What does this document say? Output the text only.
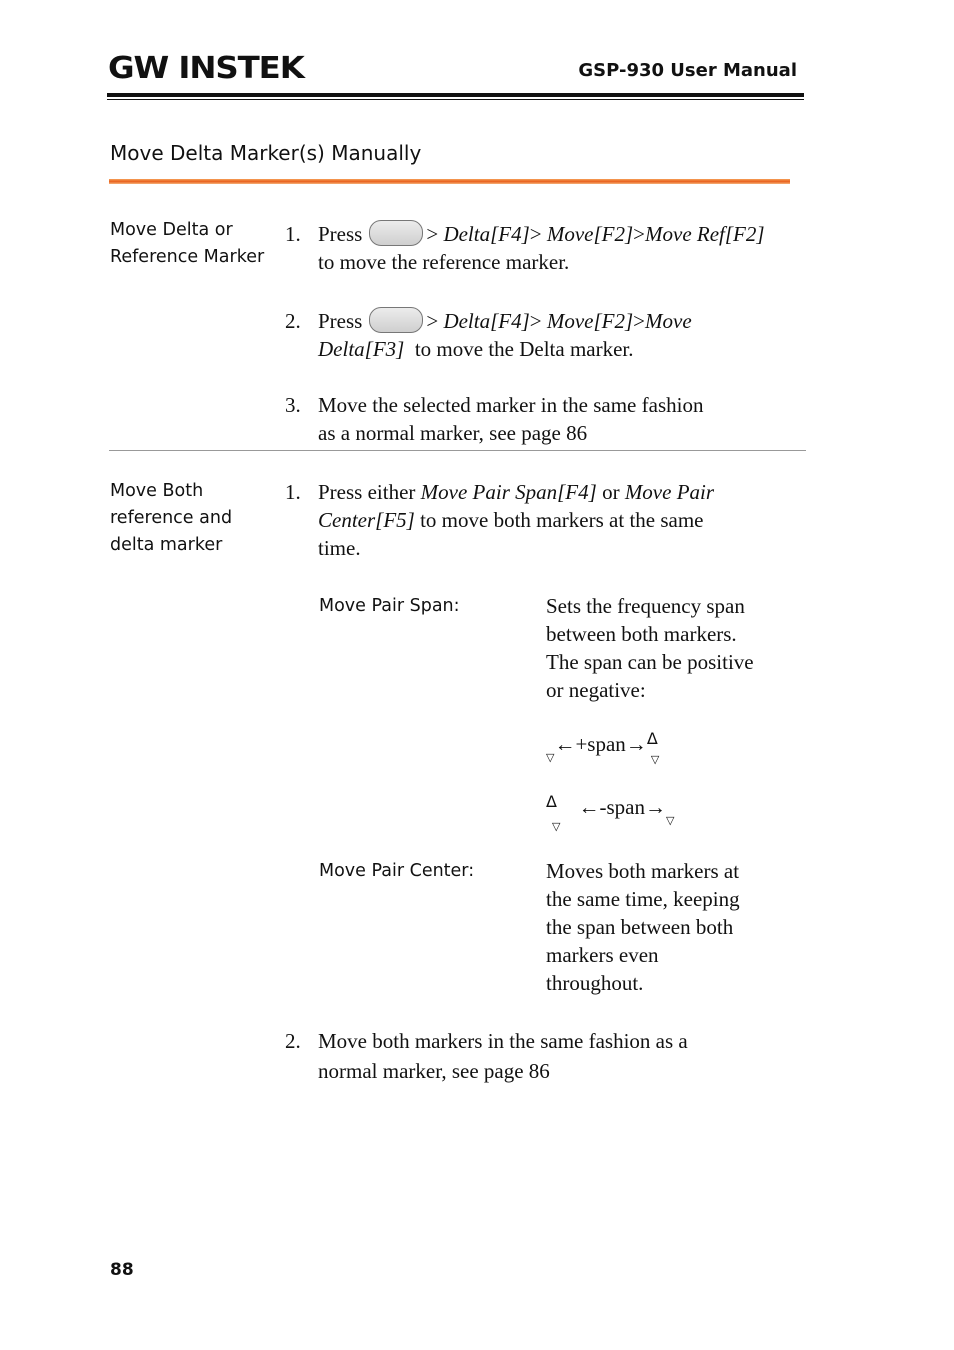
GW INSTEK	GSP-930 User Manual
Move Delta Marker(s) Manually
Move Delta or
Reference Marker
1. Press	> Delta[F4]> Move[F2]>Move Ref[F2]
to move the reference marker.
2. Press	> Delta[F4]> Move[F2]>Move
Delta[F3] to move the Delta marker.
3. Move the selected marker in the same fashion
as a normal marker, see page 86
Move Both
reference and
delta marker
1. Press either Move Pair Span[F4] or Move Pair
Center[F5] to move both markers at the same
time.
Move Pair Span:	Sets the frequency span
between both markers.
The span can be positive
or negative:
▽←+span→ Δ
▽
Δ
▽
←-span→▽
Move Pair Center:	Moves both markers at
the same time, keeping
the span between both
markers even
throughout.
2. Move both markers in the same fashion as a
normal marker, see page 86
88
